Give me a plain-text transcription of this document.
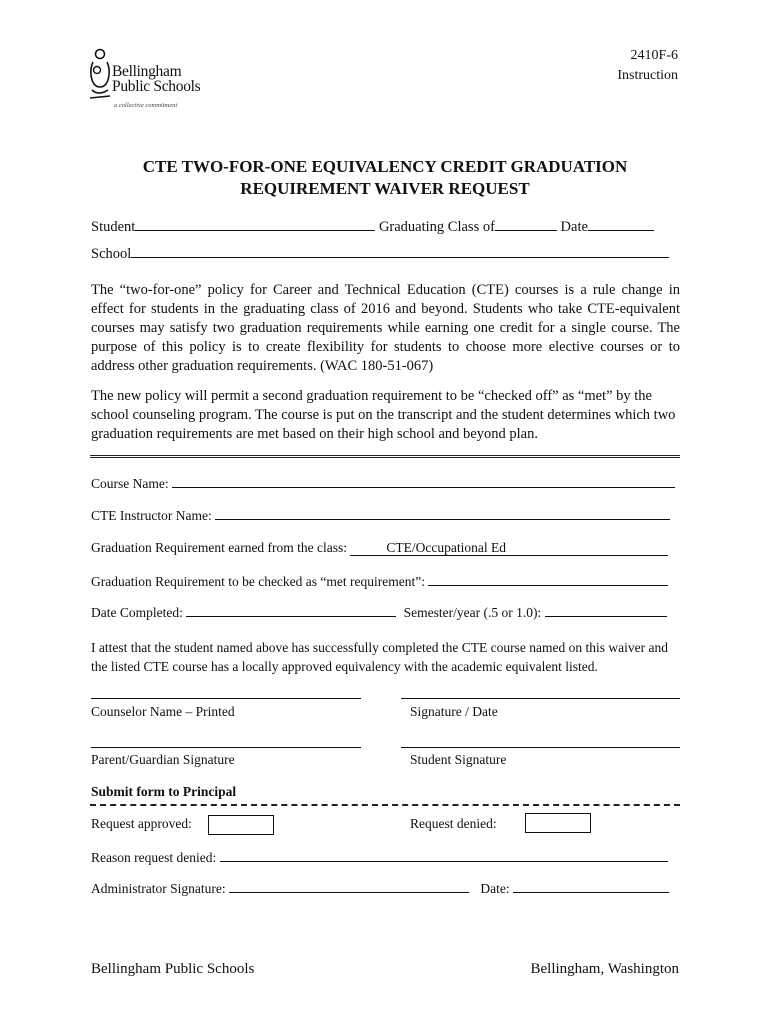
Bellingham
Public Schools
a collective commitment
2410F-6
Instruction
CTE TWO-FOR-ONE EQUIVALENCY CREDIT GRADUATION
REQUIREMENT WAIVER REQUEST
Student	Graduating Class of	Date
School
The “two-for-one” policy for Career and Technical Education (CTE) courses is a rule change in effect for students in the graduating class of 2016 and beyond. Students who take CTE-equivalent courses may satisfy two graduation requirements while earning one credit for a single course. The purpose of this policy is to create flexibility for students to choose more elective courses or to address other graduation requirements. (WAC 180-51-067)
The new policy will permit a second graduation requirement to be “checked off” as “met” by the school counseling program. The course is put on the transcript and the student determines which two graduation requirements are met based on their high school and beyond plan.
Course Name:
CTE Instructor Name:
Graduation Requirement earned from the class:	CTE/Occupational Ed
Graduation Requirement to be checked as “met requirement”:
Date Completed:	Semester/year (.5 or 1.0):
I attest that the student named above has successfully completed the CTE course named on this waiver and the listed CTE course has a locally approved equivalency with the academic equivalent listed.
Counselor Name – Printed	Signature / Date
Parent/Guardian Signature	Student Signature
Submit form to Principal
Request approved:	Request denied:
Reason request denied:
Administrator Signature:	Date:
Bellingham Public Schools	Bellingham, Washington
